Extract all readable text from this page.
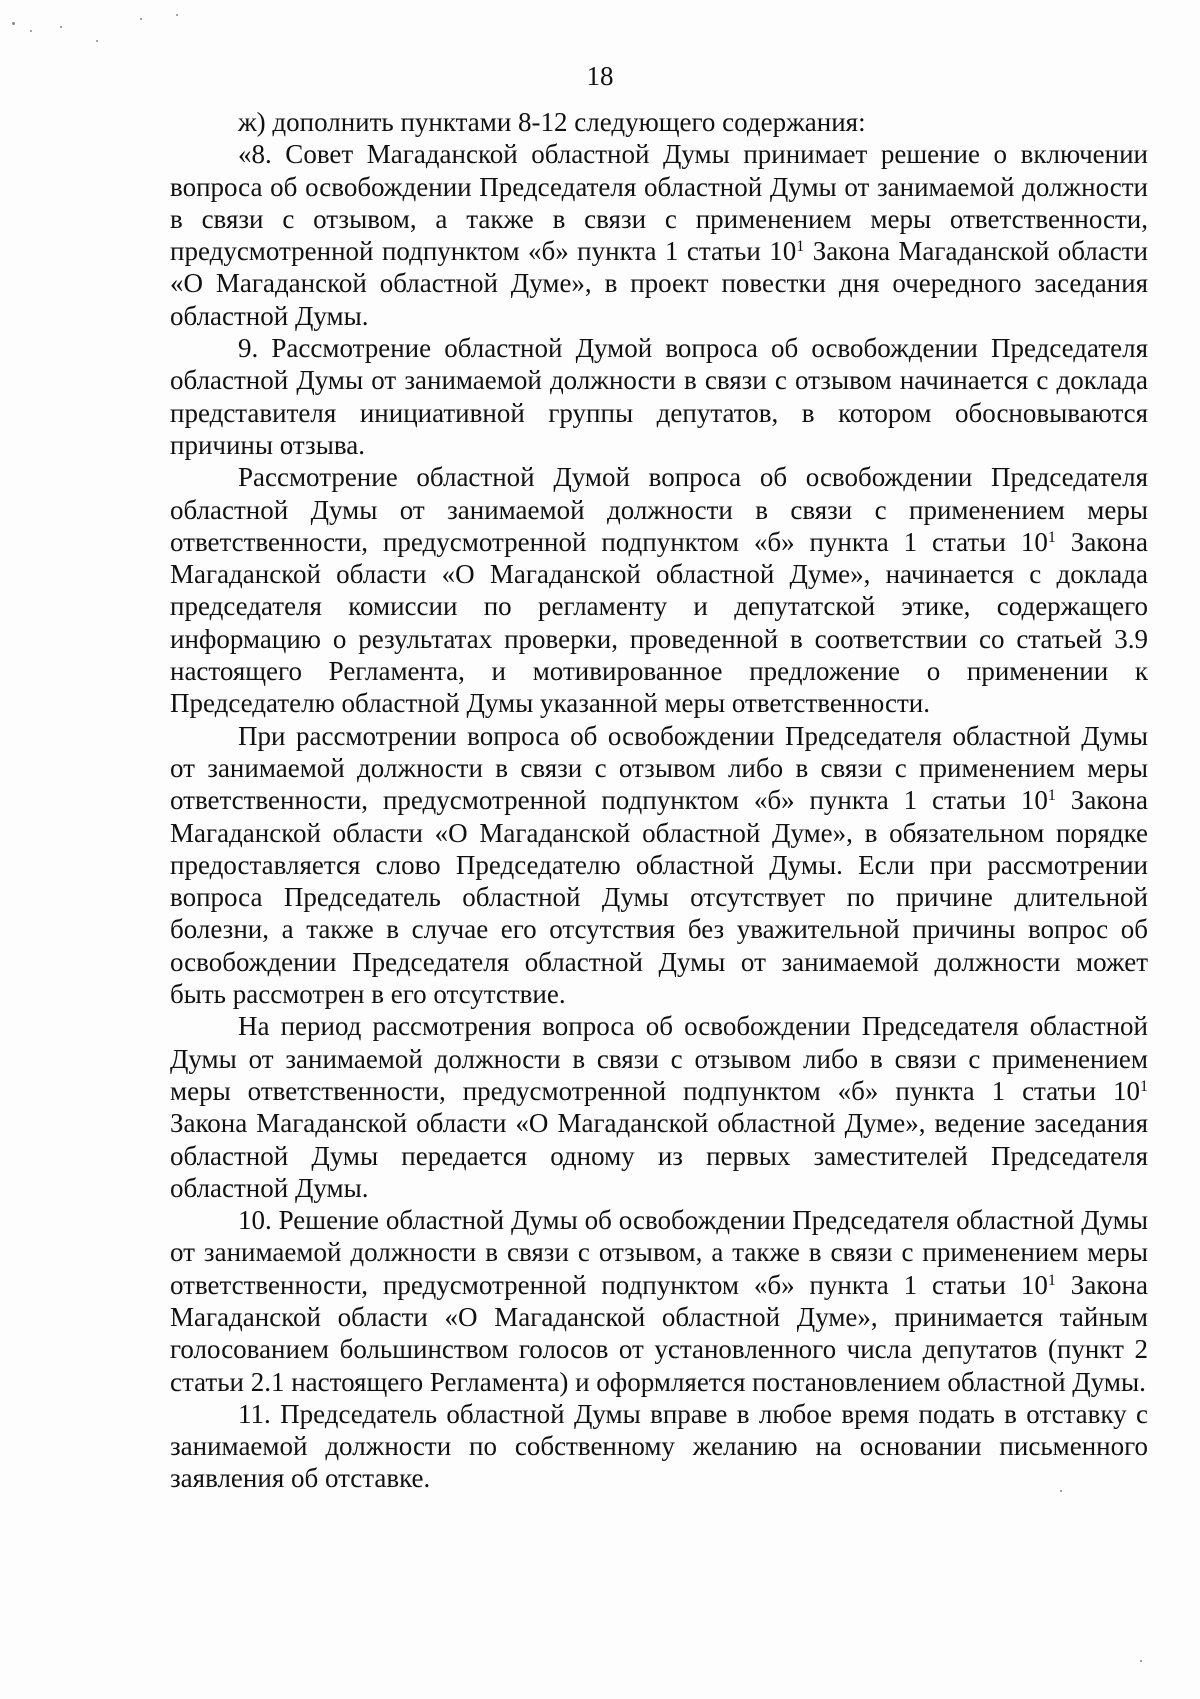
18

ж) дополнить пунктами 8-12 следующего содержания:

«8. Совет Магаданской областной Думы принимает решение о включении вопроса об освобождении Председателя областной Думы от занимаемой должности в связи с отзывом, а также в связи с применением меры ответственности, предусмотренной подпунктом «б» пункта 1 статьи $10^1$ Закона Магаданской области «О Магаданской областной Думе», в проект повестки дня очередного заседания областной Думы.

9. Рассмотрение областной Думой вопроса об освобождении Председателя областной Думы от занимаемой должности в связи с отзывом начинается с доклада представителя инициативной группы депутатов, в котором обосновываются причины отзыва.

Рассмотрение областной Думой вопроса об освобождении Председателя областной Думы от занимаемой должности в связи с применением меры ответственности, предусмотренной подпунктом «б» пункта 1 статьи $10^1$ Закона Магаданской области «О Магаданской областной Думе», начинается с доклада председателя комиссии по регламенту и депутатской этике, содержащего информацию о результатах проверки, проведенной в соответствии со статьей 3.9 настоящего Регламента, и мотивированное предложение о применении к Председателю областной Думы указанной меры ответственности.

При рассмотрении вопроса об освобождении Председателя областной Думы от занимаемой должности в связи с отзывом либо в связи с применением меры ответственности, предусмотренной подпунктом «б» пункта 1 статьи $10^1$ Закона Магаданской области «О Магаданской областной Думе», в обязательном порядке предоставляется слово Председателю областной Думы. Если при рассмотрении вопроса Председатель областной Думы отсутствует по причине длительной болезни, а также в случае его отсутствия без уважительной причины вопрос об освобождении Председателя областной Думы от занимаемой должности может быть рассмотрен в его отсутствие.

На период рассмотрения вопроса об освобождении Председателя областной Думы от занимаемой должности в связи с отзывом либо в связи с применением меры ответственности, предусмотренной подпунктом «б» пункта 1 статьи $10^1$ Закона Магаданской области «О Магаданской областной Думе», ведение заседания областной Думы передается одному из первых заместителей Председателя областной Думы.

10. Решение областной Думы об освобождении Председателя областной Думы от занимаемой должности в связи с отзывом, а также в связи с применением меры ответственности, предусмотренной подпунктом «б» пункта 1 статьи $10^1$ Закона Магаданской области «О Магаданской областной Думе», принимается тайным голосованием большинством голосов от установленного числа депутатов (пункт 2 статьи 2.1 настоящего Регламента) и оформляется постановлением областной Думы.

11. Председатель областной Думы вправе в любое время подать в отставку с занимаемой должности по собственному желанию на основании письменного заявления об отставке.
